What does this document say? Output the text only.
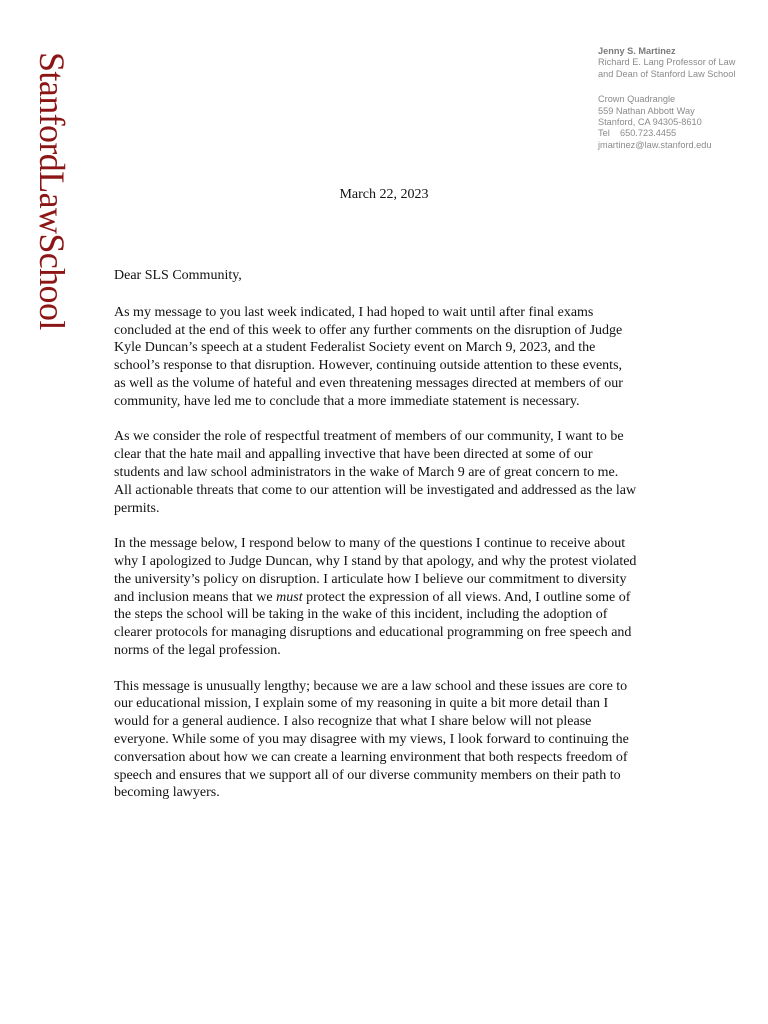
StanfordLawSchool
Jenny S. Martinez
Richard E. Lang Professor of Law
and Dean of Stanford Law School
Crown Quadrangle
559 Nathan Abbott Way
Stanford, CA 94305-8610
Tel 650.723.4455
jmartinez@law.stanford.edu
March 22, 2023

Dear SLS Community,

As my message to you last week indicated, I had hoped to wait until after final exams
concluded at the end of this week to offer any further comments on the disruption of Judge
Kyle Duncan’s speech at a student Federalist Society event on March 9, 2023, and the
school’s response to that disruption. However, continuing outside attention to these events,
as well as the volume of hateful and even threatening messages directed at members of our
community, have led me to conclude that a more immediate statement is necessary.

As we consider the role of respectful treatment of members of our community, I want to be
clear that the hate mail and appalling invective that have been directed at some of our
students and law school administrators in the wake of March 9 are of great concern to me.
All actionable threats that come to our attention will be investigated and addressed as the law
permits.

In the message below, I respond below to many of the questions I continue to receive about
why I apologized to Judge Duncan, why I stand by that apology, and why the protest violated
the university’s policy on disruption. I articulate how I believe our commitment to diversity
and inclusion means that we must protect the expression of all views. And, I outline some of
the steps the school will be taking in the wake of this incident, including the adoption of
clearer protocols for managing disruptions and educational programming on free speech and
norms of the legal profession.

This message is unusually lengthy; because we are a law school and these issues are core to
our educational mission, I explain some of my reasoning in quite a bit more detail than I
would for a general audience. I also recognize that what I share below will not please
everyone. While some of you may disagree with my views, I look forward to continuing the
conversation about how we can create a learning environment that both respects freedom of
speech and ensures that we support all of our diverse community members on their path to
becoming lawyers.
